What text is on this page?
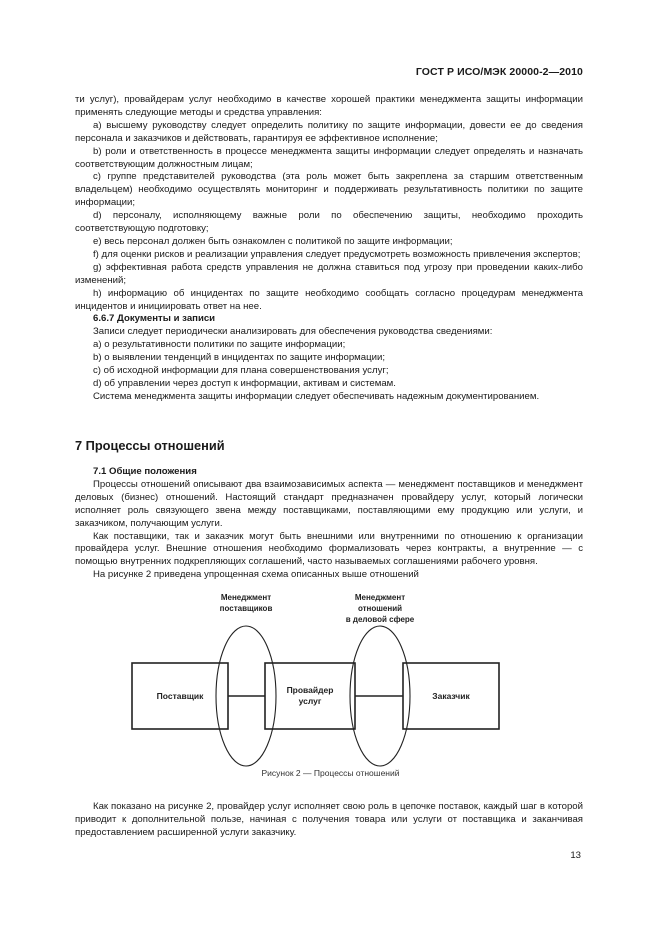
ГОСТ Р ИСО/МЭК 20000-2—2010

ти услуг), провайдерам услуг необходимо в качестве хорошей практики менеджмента защиты информации применять следующие методы и средства управления:

а) высшему руководству следует определить политику по защите информации, довести ее до сведения персонала и заказчиков и действовать, гарантируя ее эффективное исполнение;

b) роли и ответственность в процессе менеджмента защиты информации следует определять и назначать соответствующим должностным лицам;

с) группе представителей руководства (эта роль может быть закреплена за старшим ответственным владельцем) необходимо осуществлять мониторинг и поддерживать результативность политики по защите информации;

d) персоналу, исполняющему важные роли по обеспечению защиты, необходимо проходить соответствующую подготовку;

е) весь персонал должен быть ознакомлен с политикой по защите информации;

f) для оценки рисков и реализации управления следует предусмотреть возможность привлечения экспертов;

g) эффективная работа средств управления не должна ставиться под угрозу при проведении каких-либо изменений;

h) информацию об инцидентах по защите необходимо сообщать согласно процедурам менеджмента инцидентов и инициировать ответ на нее.

6.6.7 Документы и записи

Записи следует периодически анализировать для обеспечения руководства сведениями:

а) о результативности политики по защите информации;

b) о выявлении тенденций в инцидентах по защите информации;

с) об исходной информации для плана совершенствования услуг;

d) об управлении через доступ к информации, активам и системам.

Система менеджмента защиты информации следует обеспечивать надежным документированием.

7 Процессы отношений

7.1 Общие положения

Процессы отношений описывают два взаимозависимых аспекта — менеджмент поставщиков и менеджмент деловых (бизнес) отношений. Настоящий стандарт предназначен провайдеру услуг, который логически исполняет роль связующего звена между поставщиками, поставляющими ему продукцию или услуги, и заказчиком, получающим услуги.

Как поставщики, так и заказчик могут быть внешними или внутренними по отношению к организации провайдера услуг. Внешние отношения необходимо формализовать через контракты, а внутренние — с помощью внутренних подкрепляющих соглашений, часто называемых соглашениями рабочего уровня.

На рисунке 2 приведена упрощенная схема описанных выше отношений

Менеджмент
поставщиков
Менеджмент
отношений
в деловой сфере
Поставщик
Провайдер
услуг	Заказчик
Рисунок 2 — Процессы отношений

Как показано на рисунке 2, провайдер услуг исполняет свою роль в цепочке поставок, каждый шаг в которой приводит к дополнительной пользе, начиная с получения товара или услуги от поставщика и заканчивая предоставлением расширенной услуги заказчику.

13
